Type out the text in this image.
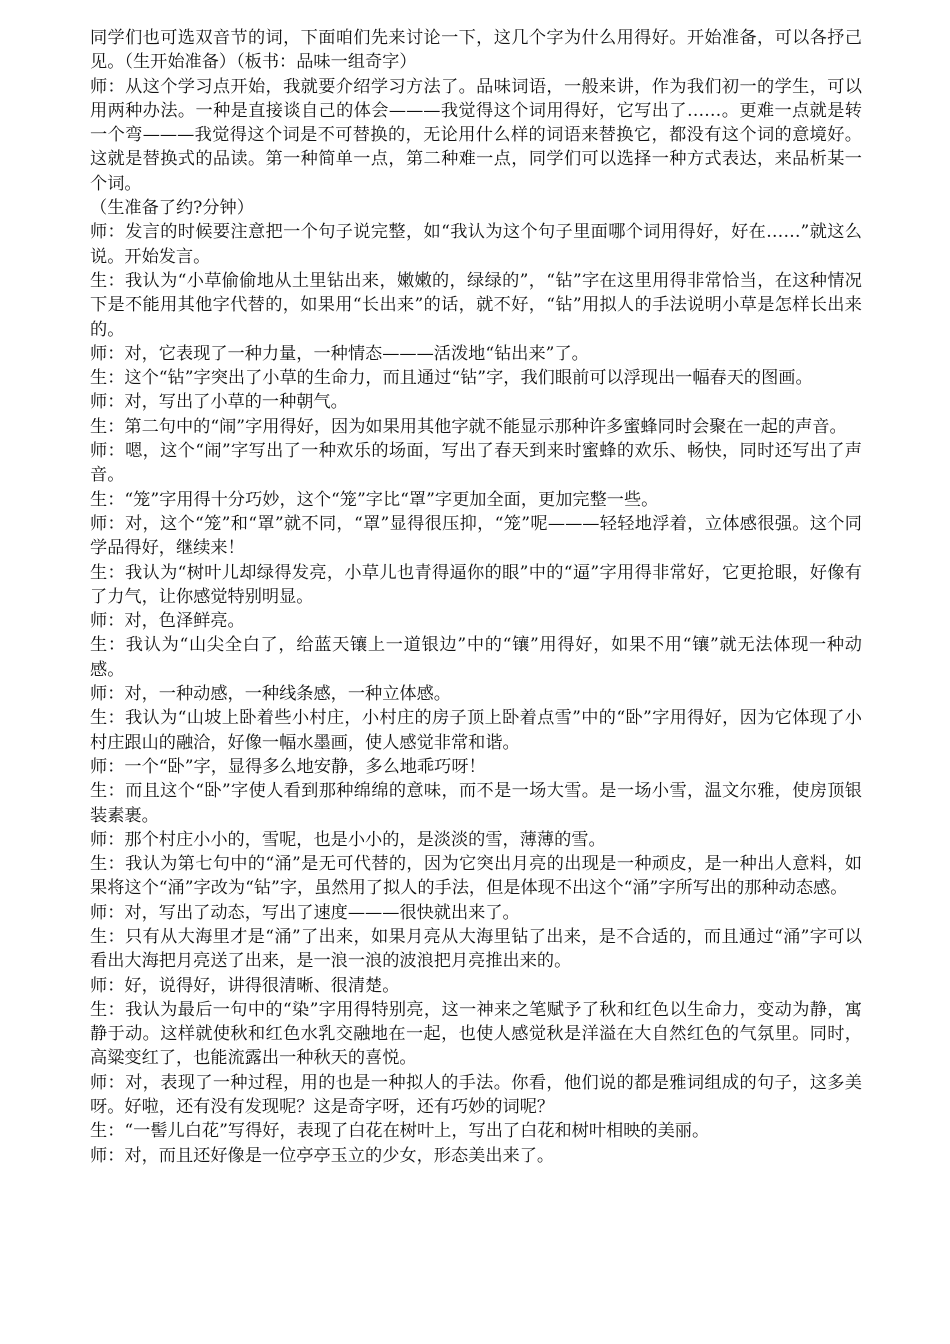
同学们也可选双音节的词，下面咱们先来讨论一下，这几个字为什么用得好。开始准备，可以各抒己见。（生开始准备）（板书：品味一组奇字）

师：从这个学习点开始，我就要介绍学习方法了。品味词语，一般来讲，作为我们初一的学生，可以用两种办法。一种是直接谈自己的体会———我觉得这个词用得好，它写出了……。更难一点就是转一个弯———我觉得这个词是不可替换的，无论用什么样的词语来替换它，都没有这个词的意境好。这就是替换式的品读。第一种简单一点，第二种难一点，同学们可以选择一种方式表达，来品析某一个词。

（生准备了约?分钟）

师：发言的时候要注意把一个句子说完整，如“我认为这个句子里面哪个词用得好，好在……”就这么说。开始发言。

生：我认为“小草偷偷地从土里钻出来，嫩嫩的，绿绿的”，“钻”字在这里用得非常恰当，在这种情况下是不能用其他字代替的，如果用“长出来”的话，就不好，“钻”用拟人的手法说明小草是怎样长出来的。

师：对，它表现了一种力量，一种情态———活泼地“钻出来”了。

生：这个“钻”字突出了小草的生命力，而且通过“钻”字，我们眼前可以浮现出一幅春天的图画。

师：对，写出了小草的一种朝气。

生：第二句中的“闹”字用得好，因为如果用其他字就不能显示那种许多蜜蜂同时会聚在一起的声音。

师：嗯，这个“闹”字写出了一种欢乐的场面，写出了春天到来时蜜蜂的欢乐、畅快，同时还写出了声音。

生：“笼”字用得十分巧妙，这个“笼”字比“罩”字更加全面，更加完整一些。

师：对，这个“笼”和“罩”就不同，“罩”显得很压抑，“笼”呢———轻轻地浮着，立体感很强。这个同学品得好，继续来！

生：我认为“树叶儿却绿得发亮，小草儿也青得逼你的眼”中的“逼”字用得非常好，它更抢眼，好像有了力气，让你感觉特别明显。

师：对，色泽鲜亮。

生：我认为“山尖全白了，给蓝天镶上一道银边”中的“镶”用得好，如果不用“镶”就无法体现一种动感。

师：对，一种动感，一种线条感，一种立体感。

生：我认为“山坡上卧着些小村庄，小村庄的房子顶上卧着点雪”中的“卧”字用得好，因为它体现了小村庄跟山的融洽，好像一幅水墨画，使人感觉非常和谐。

师：一个“卧”字，显得多么地安静，多么地乖巧呀！

生：而且这个“卧”字使人看到那种绵绵的意味，而不是一场大雪。是一场小雪，温文尔雅，使房顶银装素裹。

师：那个村庄小小的，雪呢，也是小小的，是淡淡的雪，薄薄的雪。

生：我认为第七句中的“涌”是无可代替的，因为它突出月亮的出现是一种顽皮，是一种出人意料，如果将这个“涌”字改为“钻”字，虽然用了拟人的手法，但是体现不出这个“涌”字所写出的那种动态感。

师：对，写出了动态，写出了速度———很快就出来了。

生：只有从大海里才是“涌”了出来，如果月亮从大海里钻了出来，是不合适的，而且通过“涌”字可以看出大海把月亮送了出来，是一浪一浪的波浪把月亮推出来的。

师：好，说得好，讲得很清晰、很清楚。

生：我认为最后一句中的“染”字用得特别亮，这一神来之笔赋予了秋和红色以生命力，变动为静，寓静于动。这样就使秋和红色水乳交融地在一起，也使人感觉秋是洋溢在大自然红色的气氛里。同时，高粱变红了，也能流露出一种秋天的喜悦。

师：对，表现了一种过程，用的也是一种拟人的手法。你看，他们说的都是雅词组成的句子，这多美呀。好啦，还有没有发现呢？这是奇字呀，还有巧妙的词呢？

生：“一髻儿白花”写得好，表现了白花在树叶上，写出了白花和树叶相映的美丽。

师：对，而且还好像是一位亭亭玉立的少女，形态美出来了。
